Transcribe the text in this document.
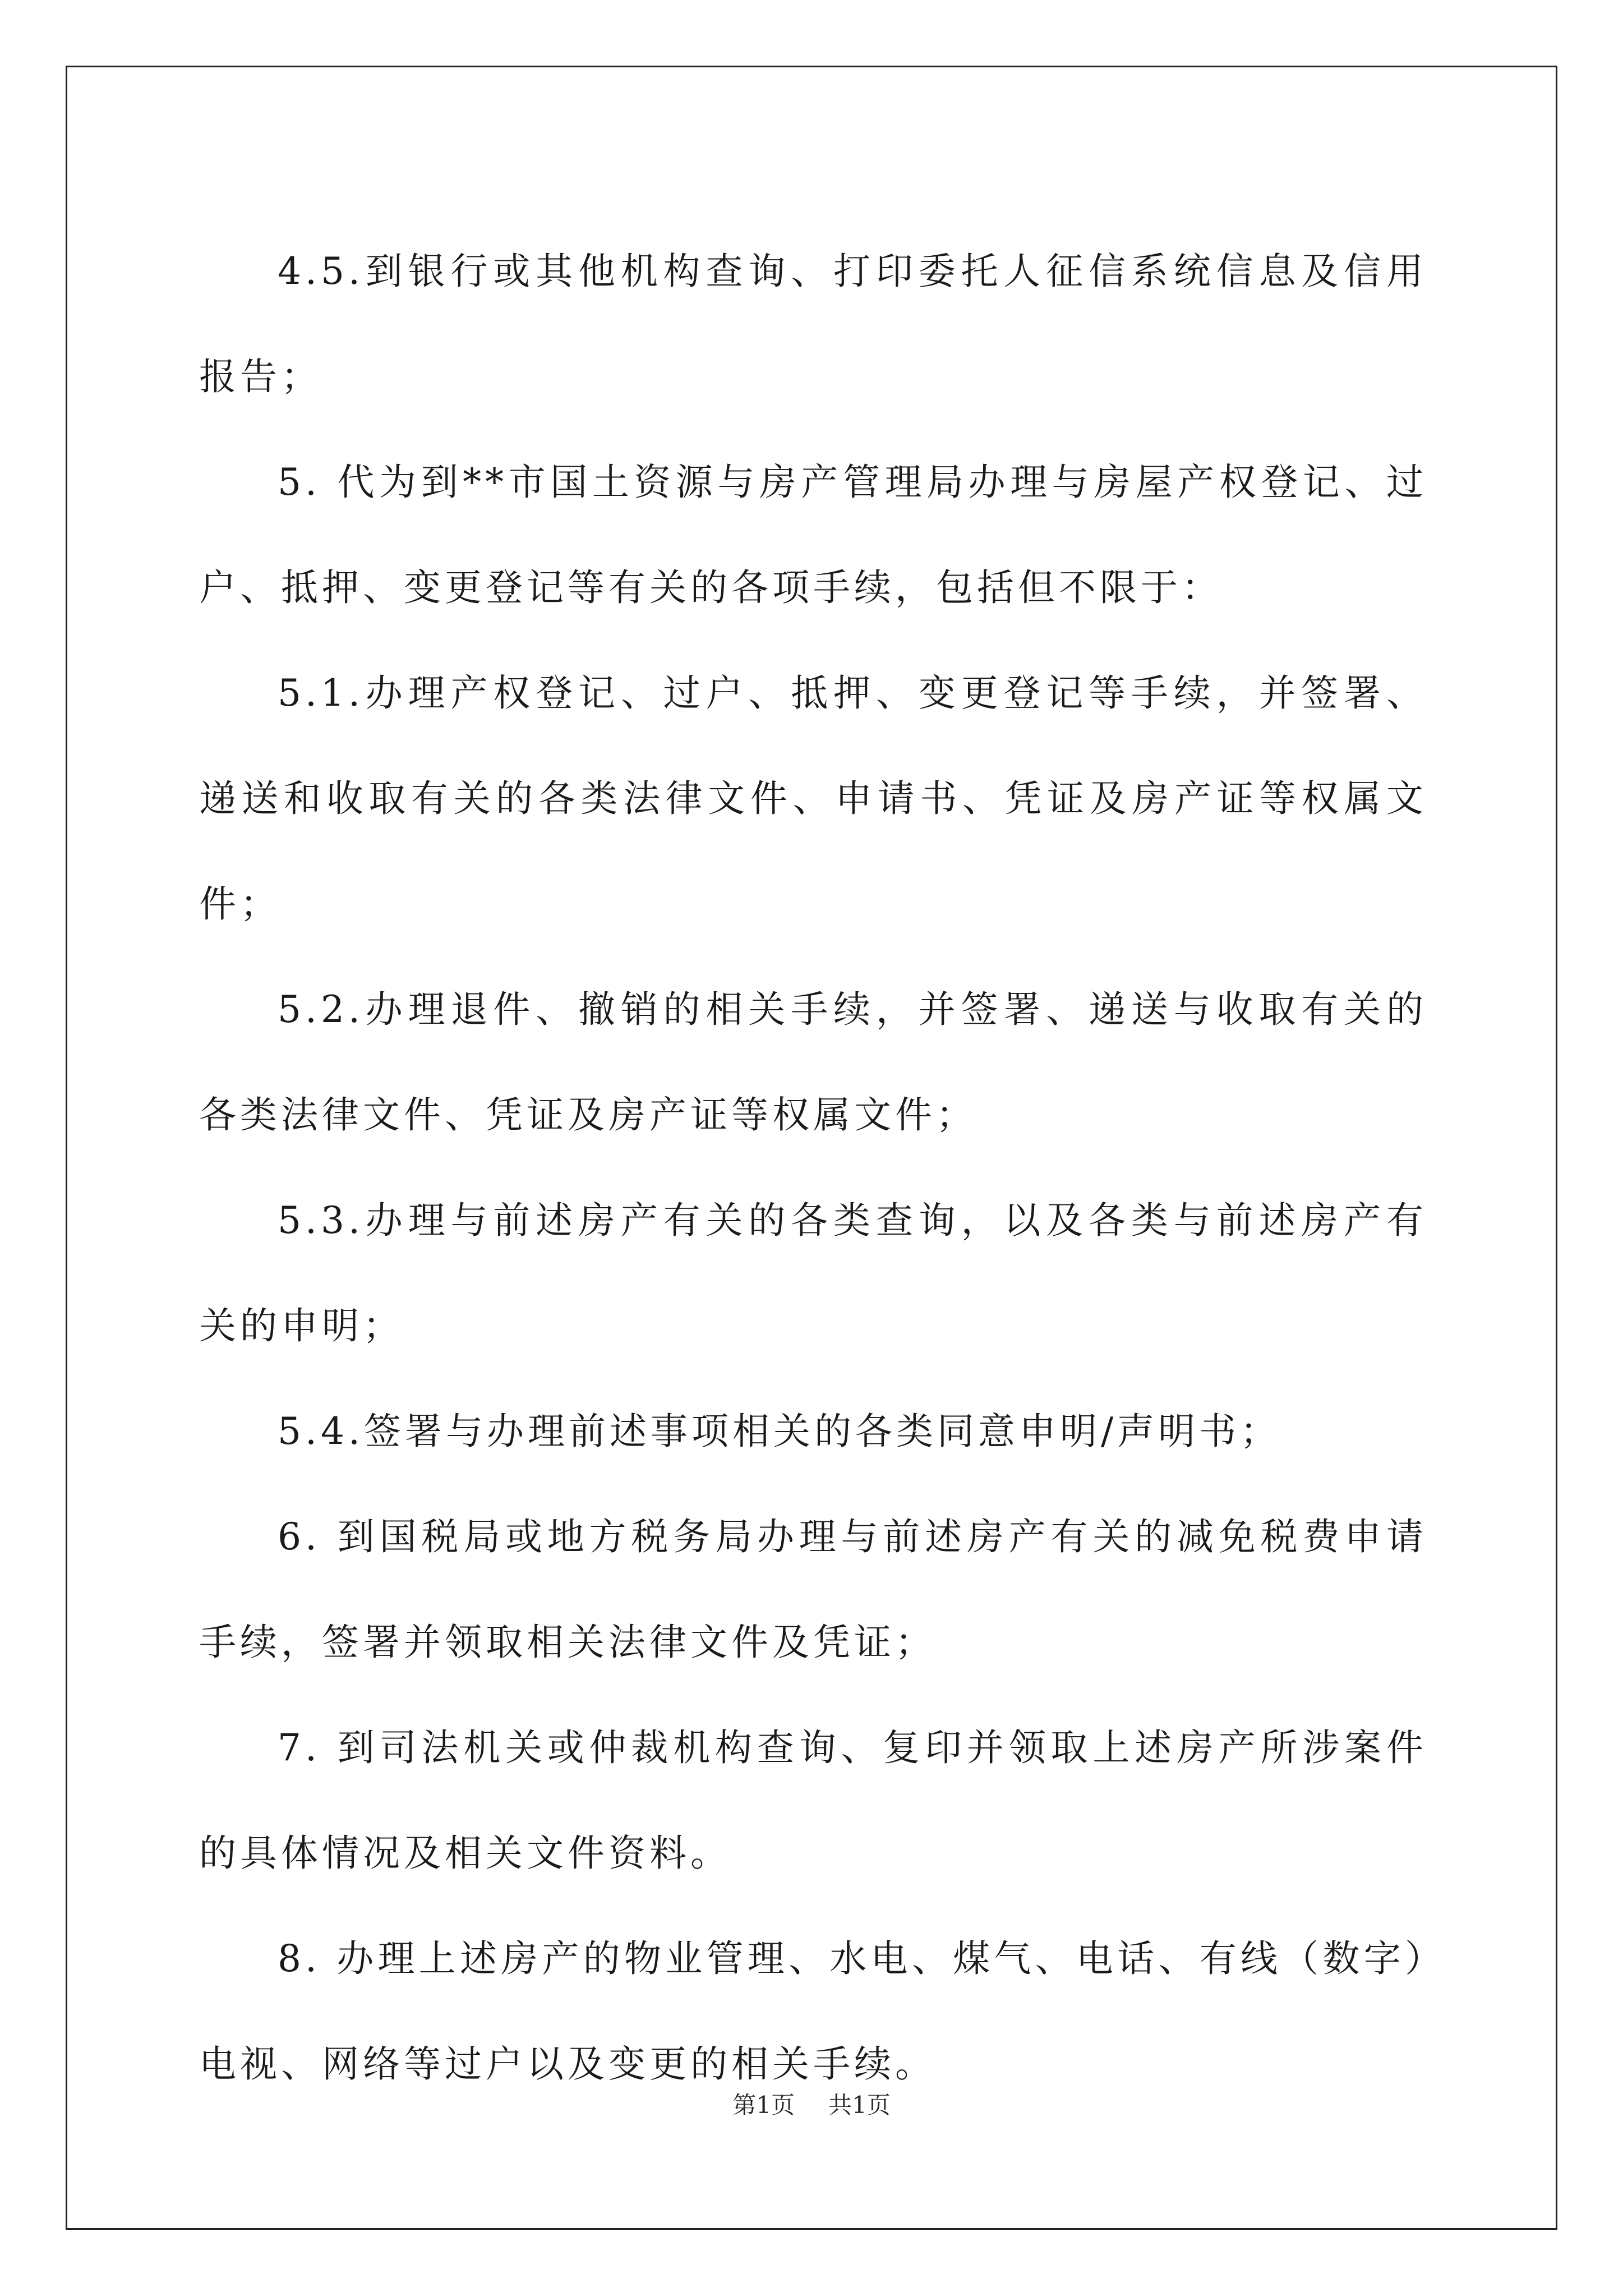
4.5.到银行或其他机构查询、打印委托人征信系统信息及信用报告；

5. 代为到**市国土资源与房产管理局办理与房屋产权登记、过户、抵押、变更登记等有关的各项手续，包括但不限于：

5.1.办理产权登记、过户、抵押、变更登记等手续，并签署、递送和收取有关的各类法律文件、申请书、凭证及房产证等权属文件；

5.2.办理退件、撤销的相关手续，并签署、递送与收取有关的各类法律文件、凭证及房产证等权属文件；

5.3.办理与前述房产有关的各类查询，以及各类与前述房产有关的申明；

5.4.签署与办理前述事项相关的各类同意申明/声明书；

6. 到国税局或地方税务局办理与前述房产有关的减免税费申请手续，签署并领取相关法律文件及凭证；

7. 到司法机关或仲裁机构查询、复印并领取上述房产所涉案件的具体情况及相关文件资料。

8. 办理上述房产的物业管理、水电、煤气、电话、有线（数字）电视、网络等过户以及变更的相关手续。

第1页 共1页
